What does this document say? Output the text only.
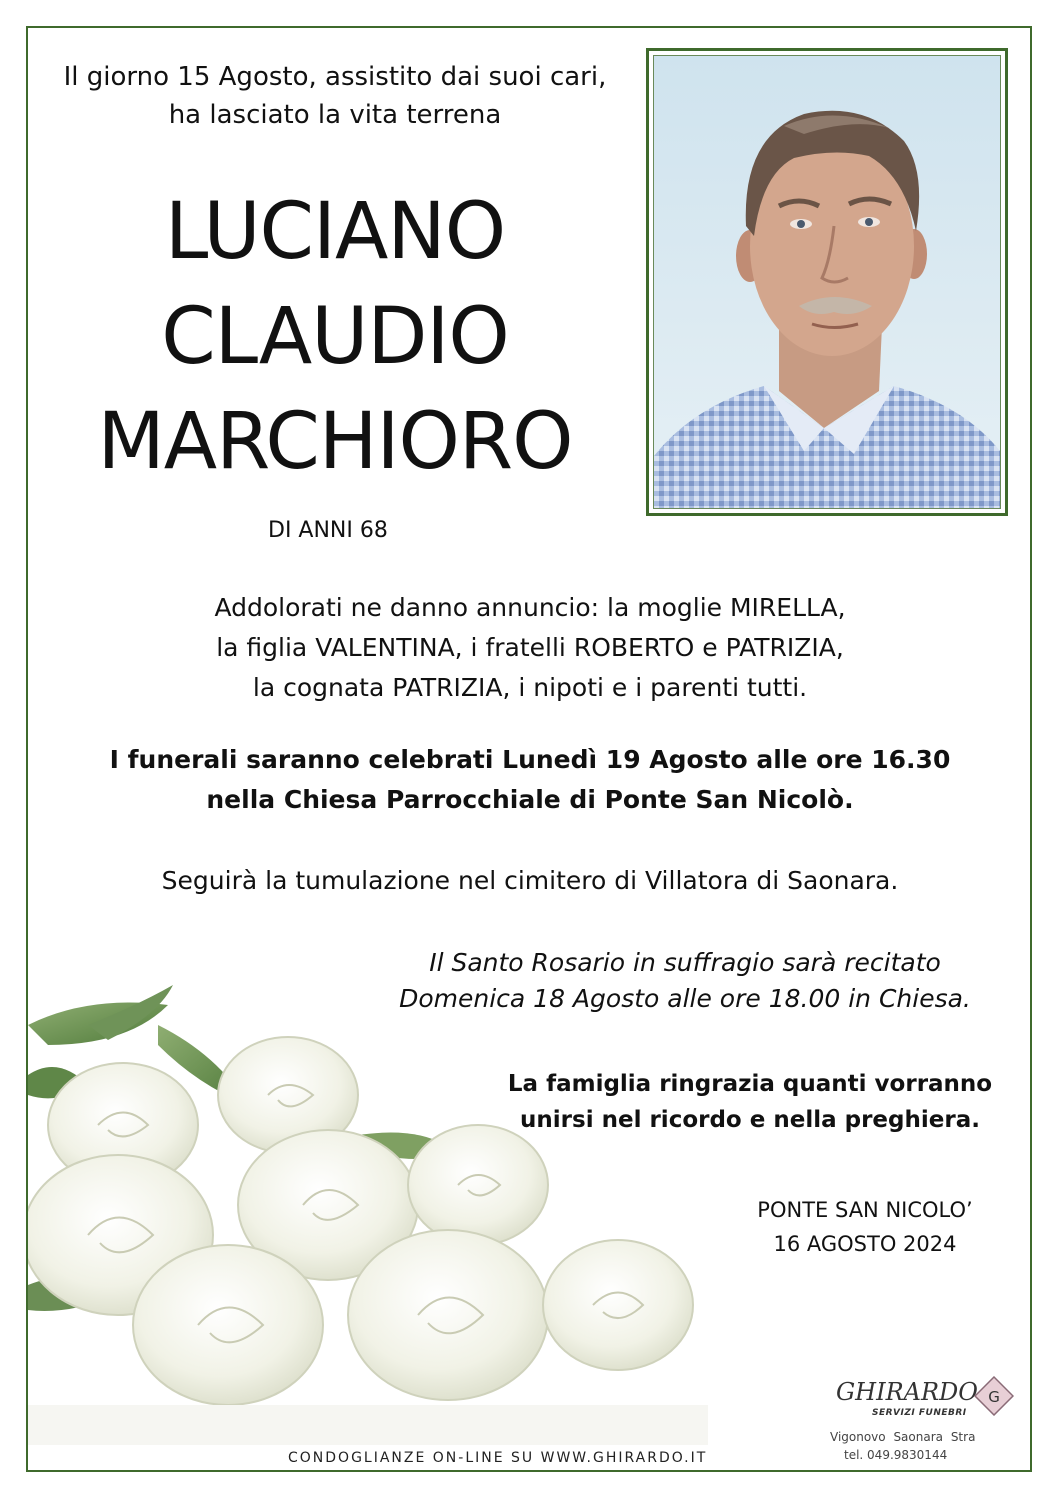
Il giorno 15 Agosto, assistito dai suoi cari,
ha lasciato la vita terrena
LUCIANO
CLAUDIO
MARCHIORO
DI ANNI 68
Addolorati ne danno annuncio: la moglie MIRELLA,
la figlia VALENTINA, i fratelli ROBERTO e PATRIZIA,
la cognata PATRIZIA, i nipoti e i parenti tutti.
I funerali saranno celebrati Lunedì 19 Agosto alle ore 16.30
nella Chiesa Parrocchiale di Ponte San Nicolò.
Seguirà la tumulazione nel cimitero di Villatora di Saonara.
Il Santo Rosario in suffragio sarà recitato
Domenica 18 Agosto alle ore 18.00 in Chiesa.
La famiglia ringrazia quanti vorranno
unirsi nel ricordo e nella preghiera.
PONTE SAN NICOLO’
16 AGOSTO 2024
CONDOGLIANZE ON-LINE SU WWW.GHIRARDO.IT
GHIRARDO
SERVIZI FUNEBRI
G
Vigonovo Saonara Stra
tel. 049.9830144
